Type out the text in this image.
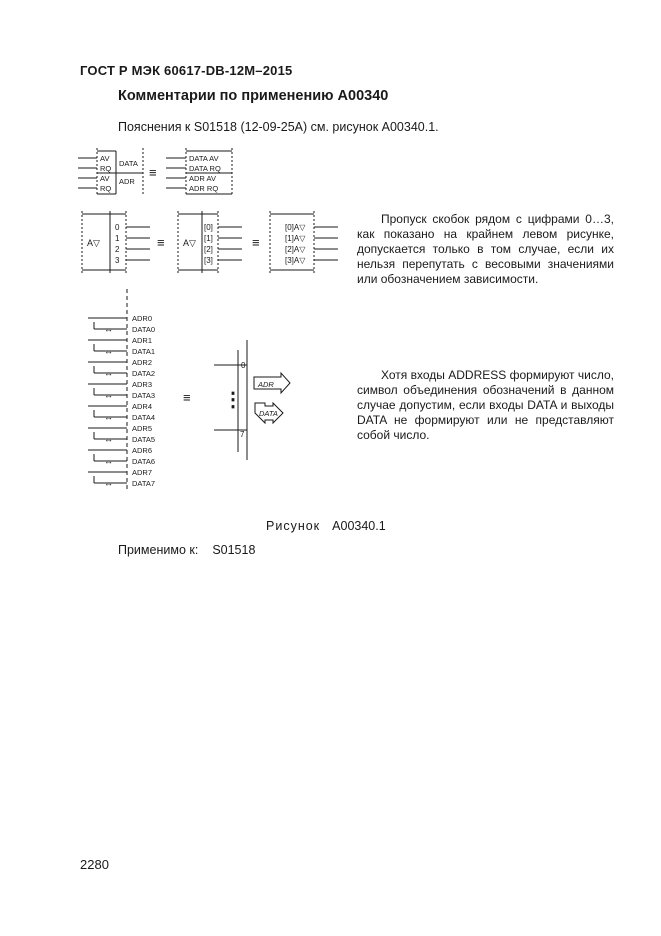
ГОСТ Р МЭК 60617-DB-12M–2015
Комментарии по применению А00340
Пояснения к S01518 (12-09-25А) см. рисунок А00340.1.
AV
RQ
AV
RQ
DATA
ADR
DATA AV
DATA RQ
ADR AV
ADR RQ
≡
A▽
0
1
2
3
A▽
[0]
[1]
[2]
[3]
[0]A▽
[1]A▽
[2]A▽
[3]A▽
≡	≡
ADR0
↔	DATA0
ADR1
↔	DATA1
ADR2
↔	DATA2
ADR3
↔	DATA3
ADR4
↔	DATA4
ADR5
↔	DATA5
ADR6
↔	DATA6
ADR7
↔	DATA7
≡
0
7
⋮
ADR
DATA
Пропуск скобок рядом с цифрами 0…3, как показано на крайнем левом рисунке, допускается только в том случае, если их нельзя перепутать с весовыми значениями или обозначением зависимости.
Хотя входы ADDRESS формируют число, символ объединения обозначений в данном случае допустим, если входы DATA и выходы DATA не формируют или не представляют собой число.
Рисунок А00340.1
Применимо к: S01518
2280
